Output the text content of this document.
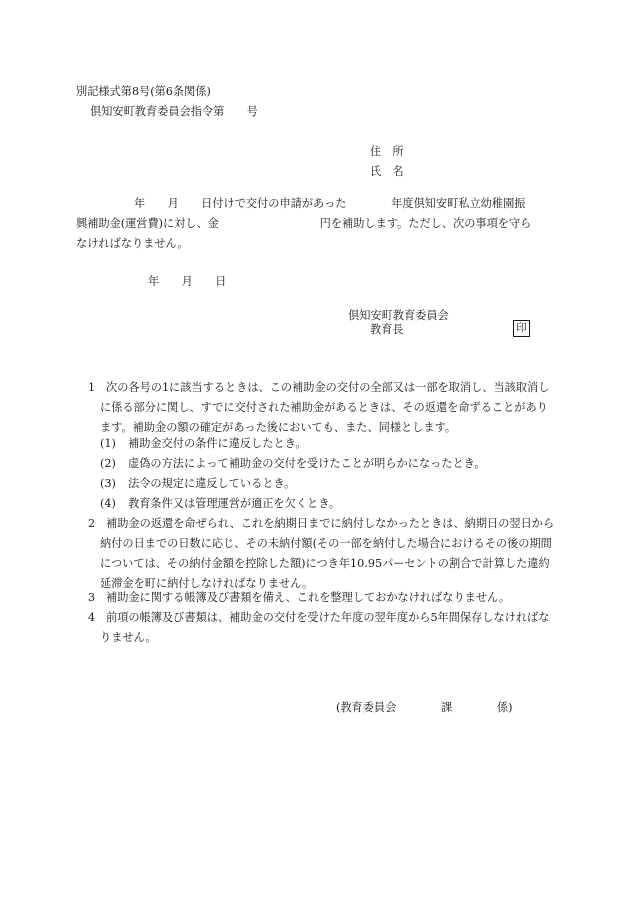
別記様式第8号(第6条関係)
倶知安町教育委員会指令第　　号
住　所
氏　名
年　　月　　日付けで交付の申請があった　　　　年度倶知安町私立幼稚園振
興補助金(運営費)に対し、金　　　　　　　　　円を補助します。ただし、次の事項を守ら
なければなりません。
年　　月　　日
倶知安町教育委員会
教育長	印
1 次の各号の1に該当するときは、この補助金の交付の全部又は一部を取消し、当該取消しに係る部分に関し、すでに交付された補助金があるときは、その返還を命ずることがあります。補助金の額の確定があった後においても、また、同様とします。
(1) 補助金交付の条件に違反したとき。
(2) 虚偽の方法によって補助金の交付を受けたことが明らかになったとき。
(3) 法令の規定に違反しているとき。
(4) 教育条件又は管理運営が適正を欠くとき。
2 補助金の返還を命ぜられ、これを納期日までに納付しなかったときは、納期日の翌日から納付の日までの日数に応じ、その未納付額(その一部を納付した場合におけるその後の期間については、その納付金額を控除した額)につき年10.95パーセントの割合で計算した違約延滞金を町に納付しなければなりません。
3 補助金に関する帳簿及び書類を備え、これを整理しておかなければなりません。
4 前項の帳簿及び書類は、補助金の交付を受けた年度の翌年度から5年間保存しなければなりません。
(教育委員会　　　　課　　　　係)
